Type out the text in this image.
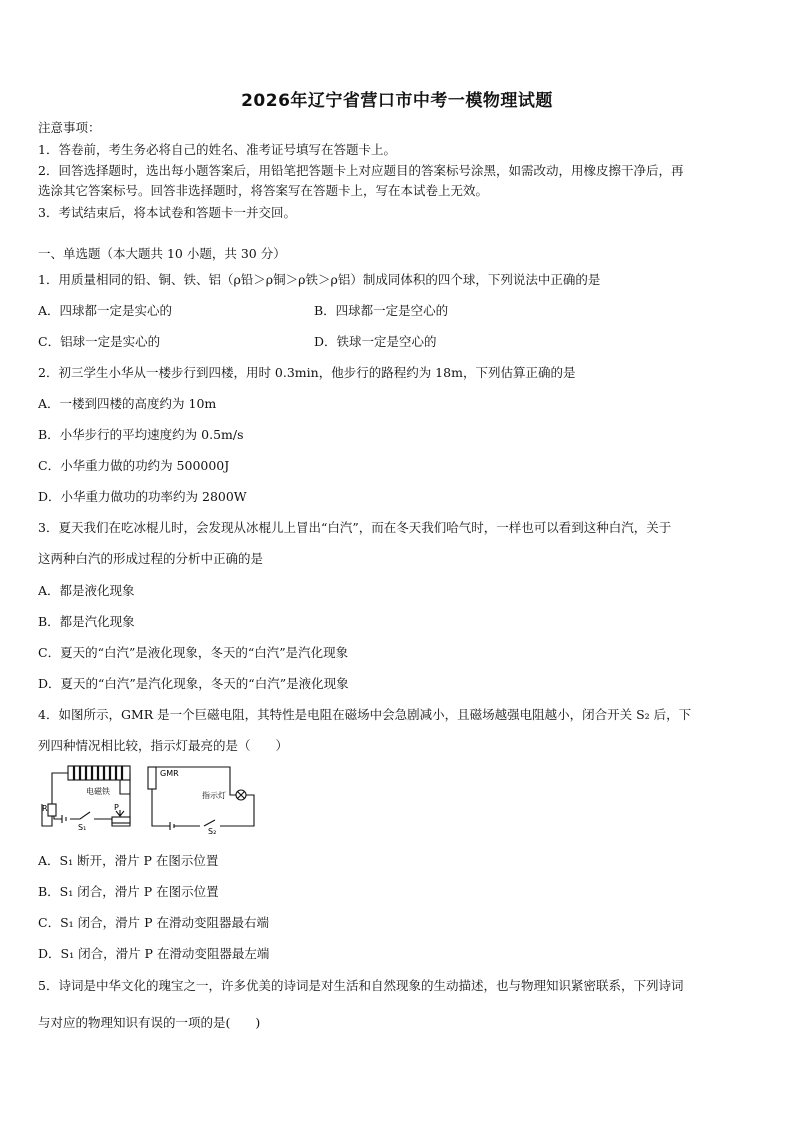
2026年辽宁省营口市中考一模物理试题
注意事项：
1．答卷前，考生务必将自己的姓名、准考证号填写在答题卡上。
2．回答选择题时，选出每小题答案后，用铅笔把答题卡上对应题目的答案标号涂黑，如需改动，用橡皮擦干净后，再
选涂其它答案标号。回答非选择题时，将答案写在答题卡上，写在本试卷上无效。
3．考试结束后，将本试卷和答题卡一并交回。
一、单选题（本大题共 10 小题，共 30 分）
1．用质量相同的铅、铜、铁、铝（ρ铅＞ρ铜＞ρ铁＞ρ铝）制成同体积的四个球，下列说法中正确的是
A．四球都一定是实心的	B．四球都一定是空心的
C．铝球一定是实心的	D．铁球一定是空心的
2．初三学生小华从一楼步行到四楼，用时 0.3min，他步行的路程约为 18m，下列估算正确的是
A．一楼到四楼的高度约为 10m
B．小华步行的平均速度约为 0.5m/s
C．小华重力做的功约为 500000J
D．小华重力做功的功率约为 2800W
3．夏天我们在吃冰棍儿时，会发现从冰棍儿上冒出“白汽”，而在冬天我们哈气时，一样也可以看到这种白汽，关于
这两种白汽的形成过程的分析中正确的是
A．都是液化现象
B．都是汽化现象
C．夏天的“白汽”是液化现象，冬天的“白汽”是汽化现象
D．夏天的“白汽”是汽化现象，冬天的“白汽”是液化现象
4．如图所示，GMR 是一个巨磁电阻，其特性是电阻在磁场中会急剧减小，且磁场越强电阻越小，闭合开关 S₂ 后，下
列四种情况相比较，指示灯最亮的是（　　）
R
电磁铁
P
S₁
GMR
指示灯
S₂
A．S₁ 断开，滑片 P 在图示位置
B．S₁ 闭合，滑片 P 在图示位置
C．S₁ 闭合，滑片 P 在滑动变阻器最右端
D．S₁ 闭合，滑片 P 在滑动变阻器最左端
5．诗词是中华文化的瑰宝之一，许多优美的诗词是对生活和自然现象的生动描述，也与物理知识紧密联系，下列诗词
与对应的物理知识有误的一项的是(　　)
